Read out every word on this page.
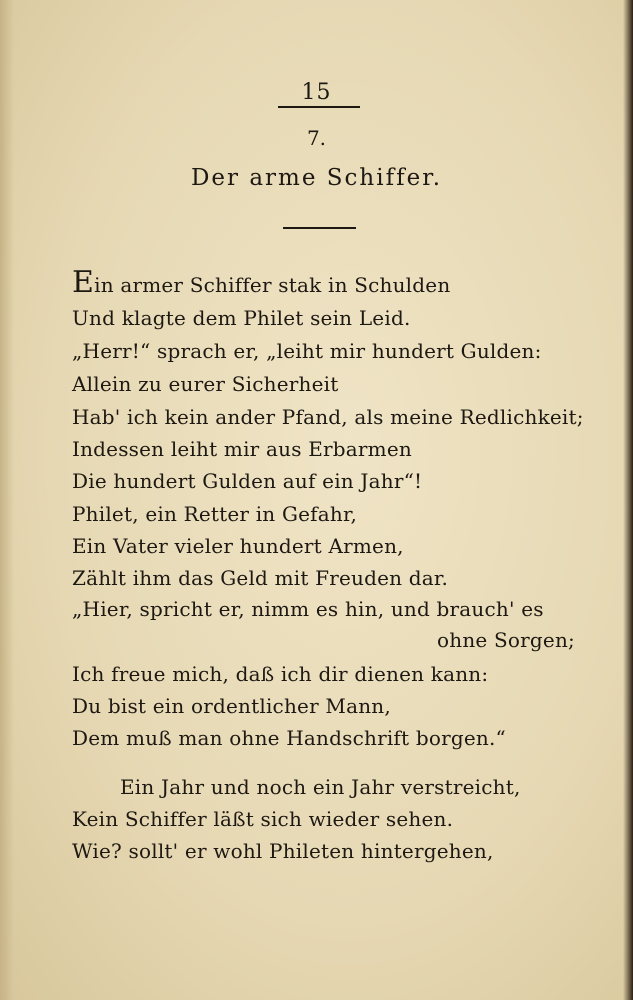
15
7.
Der arme Schiffer.
Ein armer Schiffer stak in Schulden
Und klagte dem Philet sein Leid.
„Herr!“ sprach er, „leiht mir hundert Gulden:
Allein zu eurer Sicherheit
Hab' ich kein ander Pfand, als meine Redlichkeit;
Indessen leiht mir aus Erbarmen
Die hundert Gulden auf ein Jahr“!
Philet, ein Retter in Gefahr,
Ein Vater vieler hundert Armen,
Zählt ihm das Geld mit Freuden dar.
„Hier, spricht er, nimm es hin, und brauch' es
ohne Sorgen;
Ich freue mich, daß ich dir dienen kann:
Du bist ein ordentlicher Mann,
Dem muß man ohne Handschrift borgen.“
Ein Jahr und noch ein Jahr verstreicht,
Kein Schiffer läßt sich wieder sehen.
Wie? sollt' er wohl Phileten hintergehen,
